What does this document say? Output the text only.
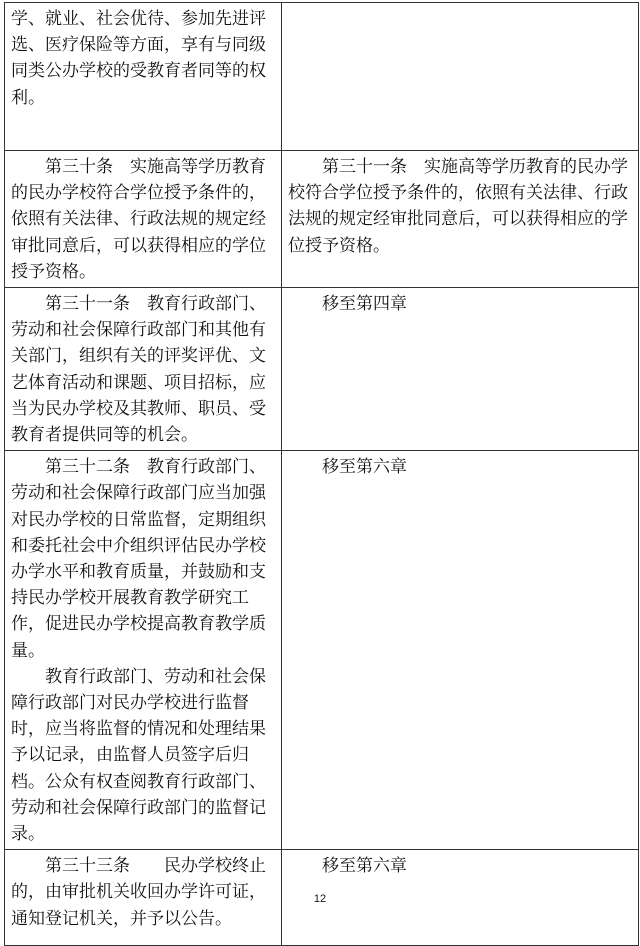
学、就业、社会优待、参加先进评选、医疗保险等方面，享有与同级同类公办学校的受教育者同等的权利。	

第三十条　实施高等学历教育的民办学校符合学位授予条件的，依照有关法律、行政法规的规定经审批同意后，可以获得相应的学位授予资格。	第三十一条　实施高等学历教育的民办学校符合学位授予条件的，依照有关法律、行政法规的规定经审批同意后，可以获得相应的学位授予资格。

第三十一条　教育行政部门、劳动和社会保障行政部门和其他有关部门，组织有关的评奖评优、文艺体育活动和课题、项目招标，应当为民办学校及其教师、职员、受教育者提供同等的机会。	移至第四章

第三十二条　教育行政部门、劳动和社会保障行政部门应当加强对民办学校的日常监督，定期组织和委托社会中介组织评估民办学校办学水平和教育质量，并鼓励和支持民办学校开展教育教学研究工作，促进民办学校提高教育教学质量。
教育行政部门、劳动和社会保障行政部门对民办学校进行监督时，应当将监督的情况和处理结果予以记录，由监督人员签字后归档。公众有权查阅教育行政部门、劳动和社会保障行政部门的监督记录。	移至第六章

第三十三条　　民办学校终止的，由审批机关收回办学许可证，通知登记机关，并予以公告。	移至第六章
12
